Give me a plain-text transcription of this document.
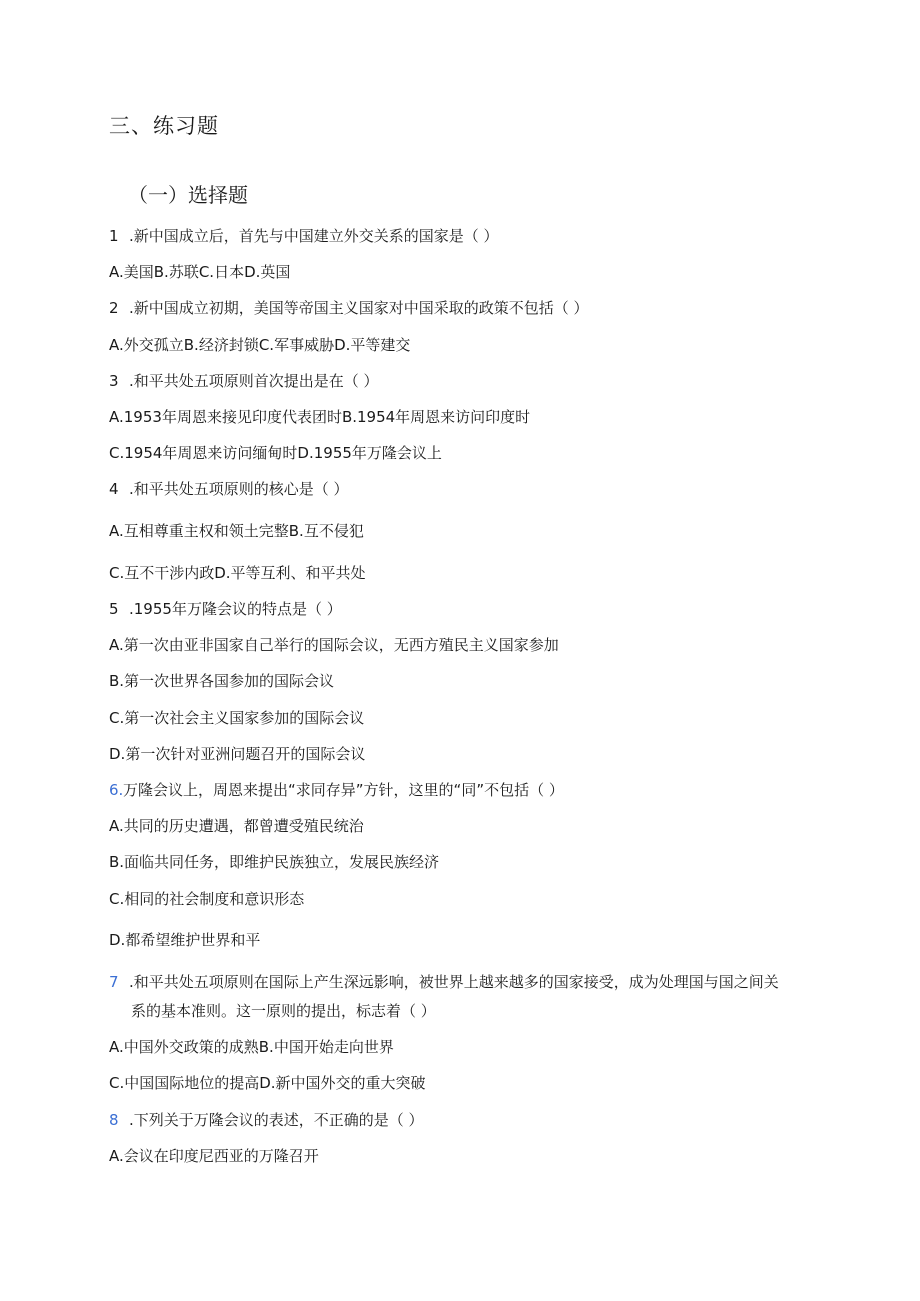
三、练习题
（一）选择题
1 .新中国成立后，首先与中国建立外交关系的国家是（ ）
A.美国B.苏联C.日本D.英国
2 .新中国成立初期，美国等帝国主义国家对中国采取的政策不包括（ ）
A.外交孤立B.经济封锁C.军事威胁D.平等建交
3 .和平共处五项原则首次提出是在（ ）
A.1953年周恩来接见印度代表团时B.1954年周恩来访问印度时
C.1954年周恩来访问缅甸时D.1955年万隆会议上
4 .和平共处五项原则的核心是（ ）
A.互相尊重主权和领土完整B.互不侵犯
C.互不干涉内政D.平等互利、和平共处
5 .1955年万隆会议的特点是（ ）
A.第一次由亚非国家自己举行的国际会议，无西方殖民主义国家参加
B.第一次世界各国参加的国际会议
C.第一次社会主义国家参加的国际会议
D.第一次针对亚洲问题召开的国际会议
6.万隆会议上，周恩来提出“求同存异”方针，这里的“同”不包括（ ）
A.共同的历史遭遇，都曾遭受殖民统治
B.面临共同任务，即维护民族独立，发展民族经济
C.相同的社会制度和意识形态
D.都希望维护世界和平
7 .和平共处五项原则在国际上产生深远影响，被世界上越来越多的国家接受，成为处理国与国之间关
系的基本准则。这一原则的提出，标志着（ ）
A.中国外交政策的成熟B.中国开始走向世界
C.中国国际地位的提高D.新中国外交的重大突破
8 .下列关于万隆会议的表述，不正确的是（ ）
A.会议在印度尼西亚的万隆召开
